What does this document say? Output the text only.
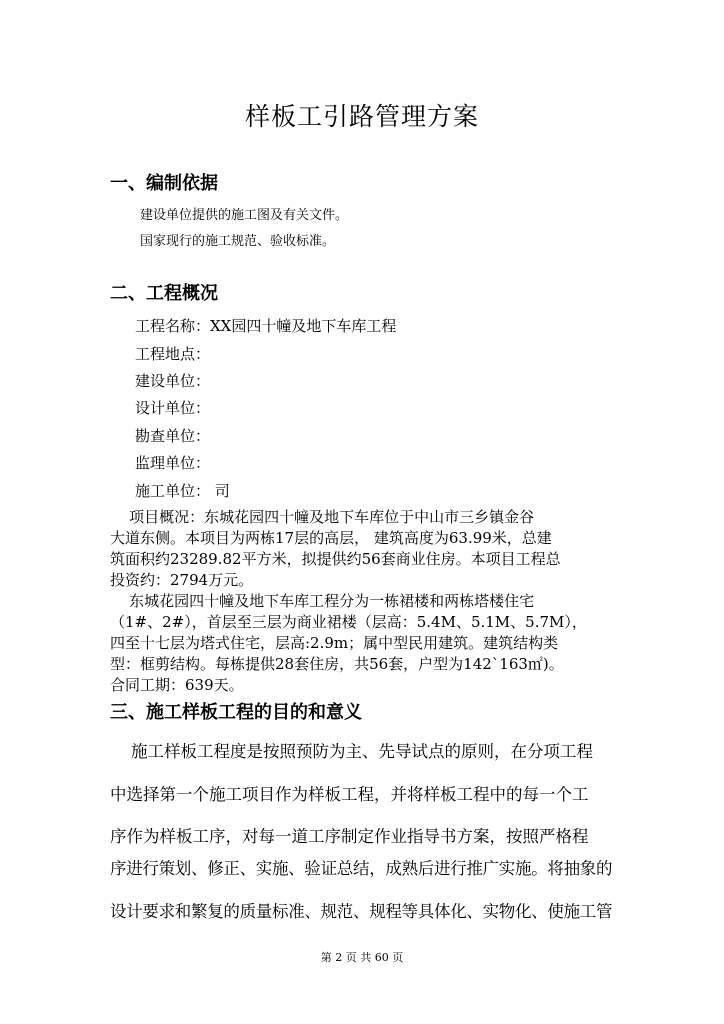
样板工引路管理方案
一、编制依据
建设单位提供的施工图及有关文件。
国家现行的施工规范、验收标准。
二、工程概况
工程名称：XX园四十幢及地下车库工程
工程地点：
建设单位：
设计单位：
勘查单位：
监理单位：
施工单位： 司
项目概况：东城花园四十幢及地下车库位于中山市三乡镇金谷
大道东侧。本项目为两栋17层的高层， 建筑高度为63.99米，总建
筑面积约23289.82平方米，拟提供约56套商业住房。本项目工程总
投资约：2794万元。
东城花园四十幢及地下车库工程分为一栋裙楼和两栋塔楼住宅
（1#、2#），首层至三层为商业裙楼（层高：5.4M、5.1M、5.7M），
四至十七层为塔式住宅，层高:2.9m；属中型民用建筑。建筑结构类
型：框剪结构。每栋提供28套住房，共56套，户型为142`163㎡)。
合同工期：639天。
三、施工样板工程的目的和意义
施工样板工程度是按照预防为主、先导试点的原则，在分项工程
中选择第一个施工项目作为样板工程，并将样板工程中的每一个工
序作为样板工序，对每一道工序制定作业指导书方案，按照严格程
序进行策划、修正、实施、验证总结，成熟后进行推广实施。将抽象的
设计要求和繁复的质量标准、规范、规程等具体化、实物化、使施工管
第 2 页 共 60 页
